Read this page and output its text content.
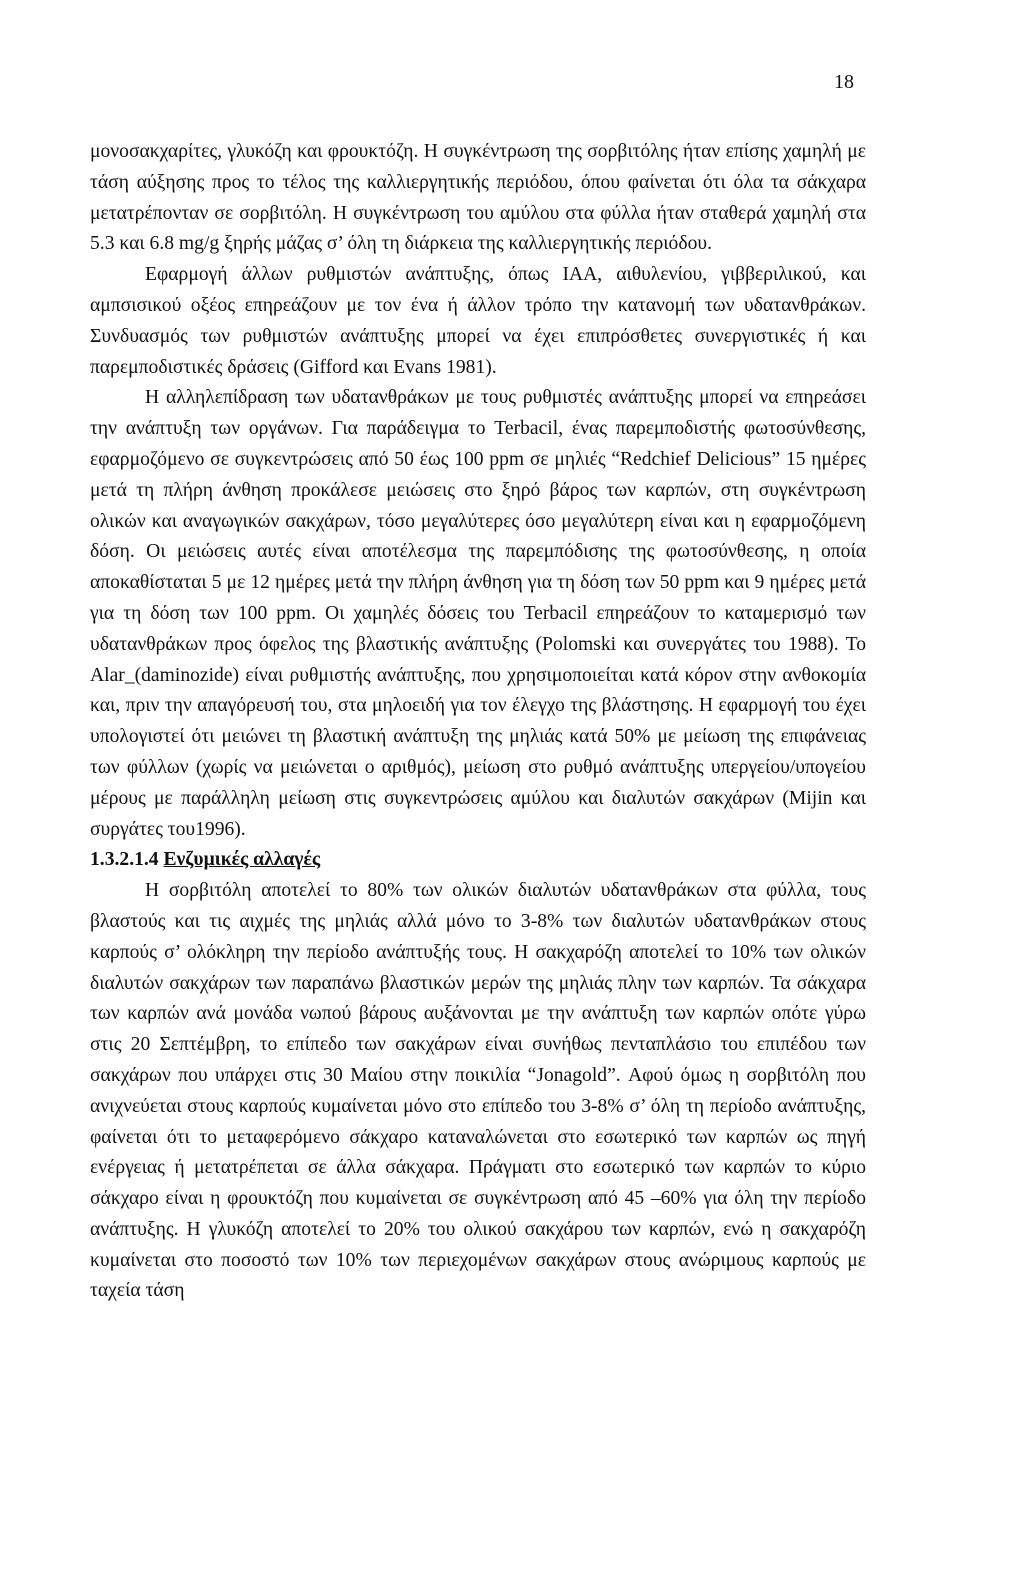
18

μονοσακχαρίτες, γλυκόζη και φρουκτόζη. Η συγκέντρωση της σορβιτόλης ήταν επίσης χαμηλή με τάση αύξησης προς το τέλος της καλλιεργητικής περιόδου, όπου φαίνεται ότι όλα τα σάκχαρα μετατρέπονταν σε σορβιτόλη. Η συγκέντρωση του αμύλου στα φύλλα ήταν σταθερά χαμηλή στα 5.3 και 6.8 mg/g ξηρής μάζας σ’ όλη τη διάρκεια της καλλιεργητικής περιόδου.

Εφαρμογή άλλων ρυθμιστών ανάπτυξης, όπως ΙΑΑ, αιθυλενίου, γιββεριλικού, και αμπσισικού οξέος επηρεάζουν με τον ένα ή άλλον τρόπο την κατανομή των υδατανθράκων. Συνδυασμός των ρυθμιστών ανάπτυξης μπορεί να έχει επιπρόσθετες συνεργιστικές ή και παρεμποδιστικές δράσεις (Gifford και Evans 1981).

Η αλληλεπίδραση των υδατανθράκων με τους ρυθμιστές ανάπτυξης μπορεί να επηρεάσει την ανάπτυξη των οργάνων. Για παράδειγμα το Terbacil, ένας παρεμποδιστής φωτοσύνθεσης, εφαρμοζόμενο σε συγκεντρώσεις από 50 έως 100 ppm σε μηλιές “Redchief Delicious” 15 ημέρες μετά τη πλήρη άνθηση προκάλεσε μειώσεις στο ξηρό βάρος των καρπών, στη συγκέντρωση ολικών και αναγωγικών σακχάρων, τόσο μεγαλύτερες όσο μεγαλύτερη είναι και η εφαρμοζόμενη δόση. Οι μειώσεις αυτές είναι αποτέλεσμα της παρεμπόδισης της φωτοσύνθεσης, η οποία αποκαθίσταται 5 με 12 ημέρες μετά την πλήρη άνθηση για τη δόση των 50 ppm και 9 ημέρες μετά για τη δόση των 100 ppm. Οι χαμηλές δόσεις του Terbacil επηρεάζουν το καταμερισμό των υδατανθράκων προς όφελος της βλαστικής ανάπτυξης (Polomski και συνεργάτες του 1988). Το Alar_(daminozide) είναι ρυθμιστής ανάπτυξης, που χρησιμοποιείται κατά κόρον στην ανθοκομία και, πριν την απαγόρευσή του, στα μηλοειδή για τον έλεγχο της βλάστησης. Η εφαρμογή του έχει υπολογιστεί ότι μειώνει τη βλαστική ανάπτυξη της μηλιάς κατά 50% με μείωση της επιφάνειας των φύλλων (χωρίς να μειώνεται ο αριθμός), μείωση στο ρυθμό ανάπτυξης υπεργείου/υπογείου μέρους με παράλληλη μείωση στις συγκεντρώσεις αμύλου και διαλυτών σακχάρων (Mijin και συργάτες του1996).

1.3.2.1.4 Ενζυμικές αλλαγές

Η σορβιτόλη αποτελεί το 80% των ολικών διαλυτών υδατανθράκων στα φύλλα, τους βλαστούς και τις αιχμές της μηλιάς αλλά μόνο το 3-8% των διαλυτών υδατανθράκων στους καρπούς σ’ ολόκληρη την περίοδο ανάπτυξής τους. Η σακχαρόζη αποτελεί το 10% των ολικών διαλυτών σακχάρων των παραπάνω βλαστικών μερών της μηλιάς πλην των καρπών. Τα σάκχαρα των καρπών ανά μονάδα νωπού βάρους αυξάνονται με την ανάπτυξη των καρπών οπότε γύρω στις 20 Σεπτέμβρη, το επίπεδο των σακχάρων είναι συνήθως πενταπλάσιο του επιπέδου των σακχάρων που υπάρχει στις 30 Μαίου στην ποικιλία “Jonagold”. Αφού όμως η σορβιτόλη που ανιχνεύεται στους καρπούς κυμαίνεται μόνο στο επίπεδο του 3-8% σ’ όλη τη περίοδο ανάπτυξης, φαίνεται ότι το μεταφερόμενο σάκχαρο καταναλώνεται στο εσωτερικό των καρπών ως πηγή ενέργειας ή μετατρέπεται σε άλλα σάκχαρα. Πράγματι στο εσωτερικό των καρπών το κύριο σάκχαρο είναι η φρουκτόζη που κυμαίνεται σε συγκέντρωση από 45 –60% για όλη την περίοδο ανάπτυξης. Η γλυκόζη αποτελεί το 20% του ολικού σακχάρου των καρπών, ενώ η σακχαρόζη κυμαίνεται στο ποσοστό των 10% των περιεχομένων σακχάρων στους ανώριμους καρπούς με ταχεία τάση
